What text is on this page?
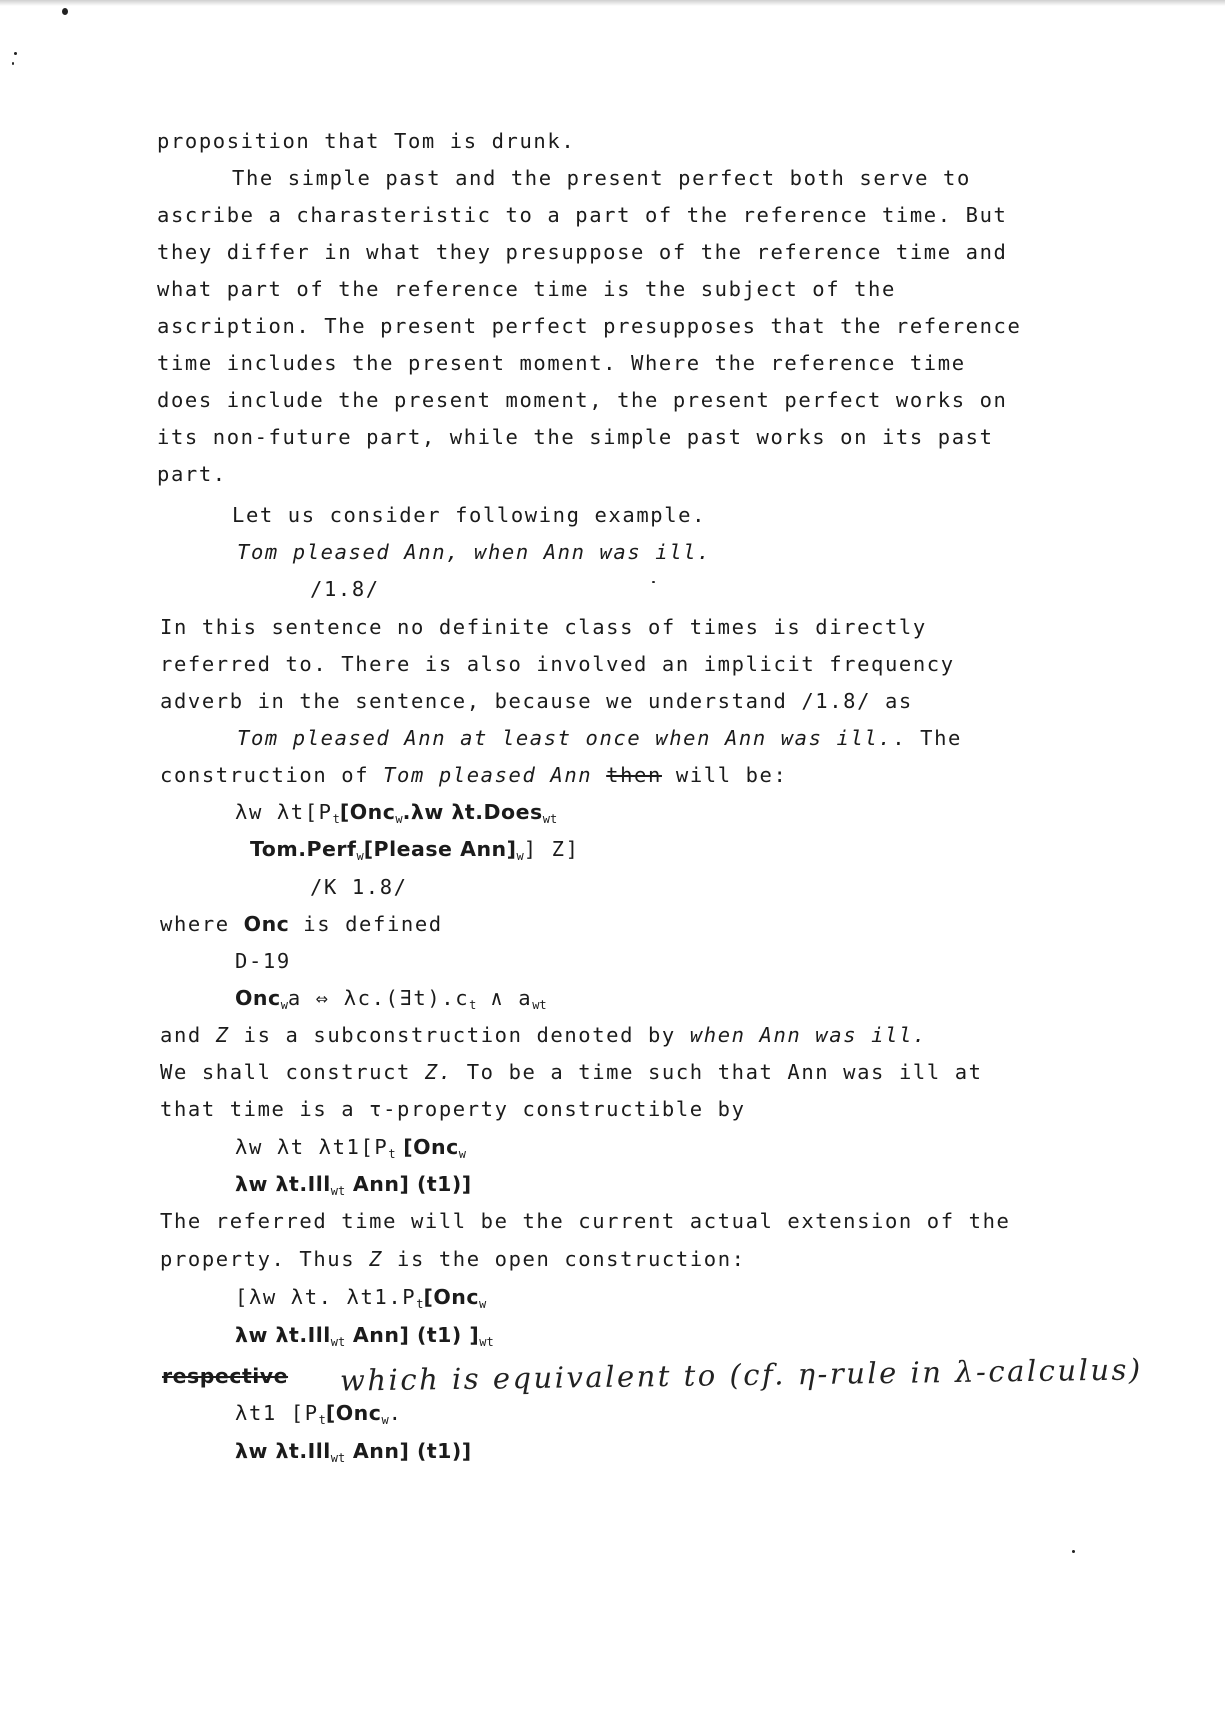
proposition that Tom is drunk.
The simple past and the present perfect both serve to
ascribe a charasteristic to a part of the reference time. But
they differ in what they presuppose of the reference time and
what part of the reference time is the subject of the
ascription. The present perfect presupposes that the reference
time includes the present moment. Where the reference time
does include the present moment, the present perfect works on
its non-future part, while the simple past works on its past
part.
Let us consider following example.
Tom pleased Ann, when Ann was ill.
/1.8/
In this sentence no definite class of times is directly
referred to. There is also involved an implicit frequency
adverb in the sentence, because we understand /1.8/ as
Tom pleased Ann at least once when Ann was ill.. The
construction of Tom pleased Ann then will be:
λw $\lambda t[P_t[Onc_w.\lambda w$ λt.Does$_{wt}$
Tom.Perf$_w$[Please $Ann]_w$] Z]
/K 1.8/
where Onc is defined
D-19
Onc$_w$a ⇔ $\lambda c.(\exists t).c_t$ ∧ $a_{wt}$
and Z is a subconstruction denoted by when Ann was ill.
We shall construct Z. To be a time such that Ann was ill at
that time is a τ-property constructible by
λw λt $\lambda t1[P_t$ [Onc$_w$
λw λt.Ill$_{wt}$ Ann] (t1)]
The referred time will be the current actual extension of the
property. Thus Z is the open construction:
[λw λt. $\lambda t1.P_t[Onc_w$
λw λt.Ill$_{wt}$ Ann] (t1) ]$_{wt}$
respective which is equivalent to (cf. η-rule in λ-calculus)
λt1 [$P_t[Onc_w$.
λw λt.Ill$_{wt}$ Ann] (t1)]
